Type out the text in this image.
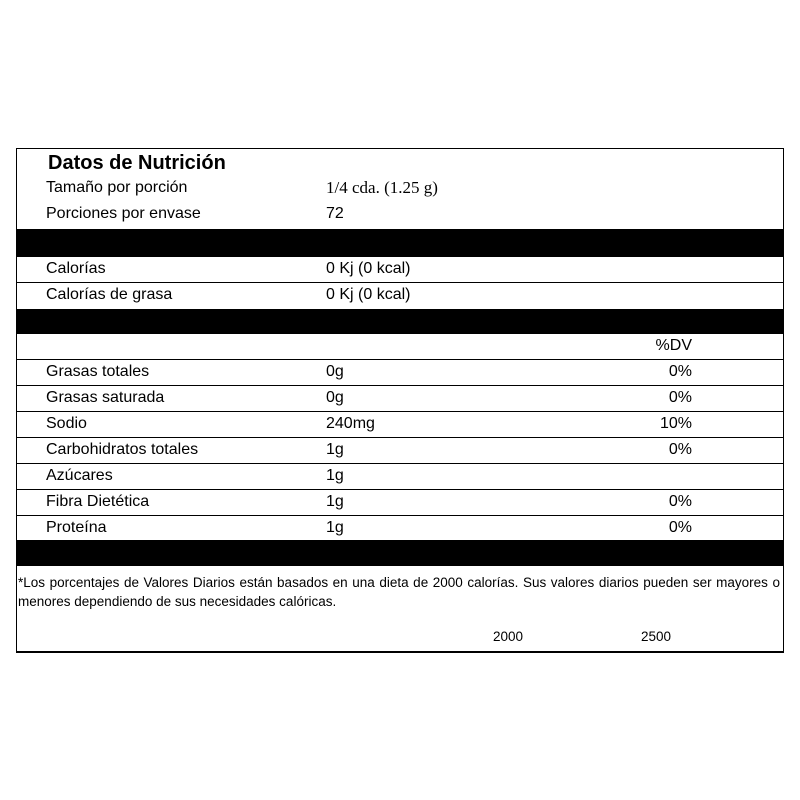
Datos de Nutrición
Tamaño por porción	1/4 cda. (1.25 g)
Porciones por envase	72
Calorías	0 Kj (0 kcal)
Calorías de grasa	0 Kj (0 kcal)
%DV
Grasas totales	0g	0%
Grasas saturada	0g	0%
Sodio	240mg	10%
Carbohidratos totales	1g	0%
Azúcares	1g
Fibra Dietética	1g	0%
Proteína	1g	0%
*Los porcentajes de Valores Diarios están basados en una dieta de 2000 calorías. Sus valores diarios pueden ser mayores o menores dependiendo de sus necesidades calóricas.
2000	2500
